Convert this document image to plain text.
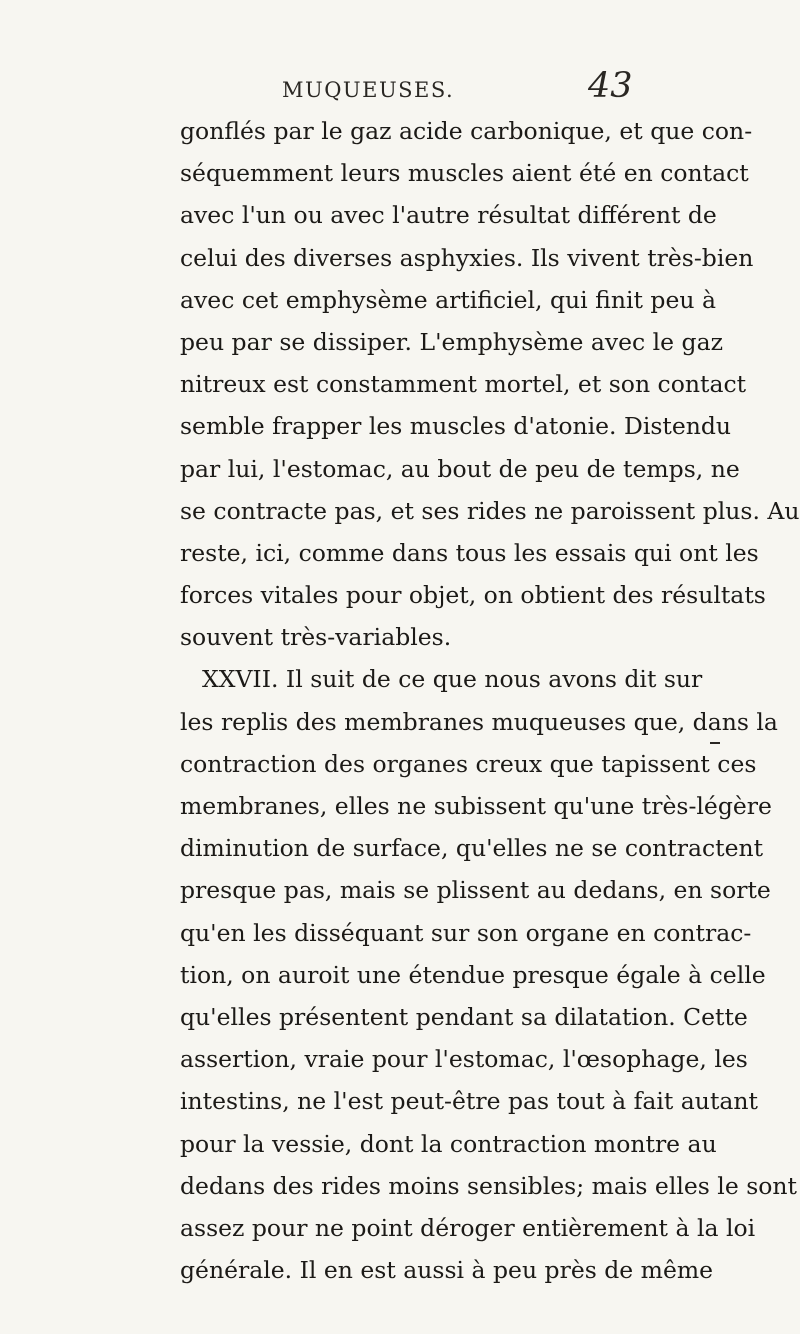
MUQUEUSES.	43
gonflés par le gaz acide carbonique, et que con-
séquemment leurs muscles aient été en contact
avec l'un ou avec l'autre résultat différent de
celui des diverses asphyxies. Ils vivent très-bien
avec cet emphysème artificiel, qui finit peu à
peu par se dissiper. L'emphysème avec le gaz
nitreux est constamment mortel, et son contact
semble frapper les muscles d'atonie. Distendu
par lui, l'estomac, au bout de peu de temps, ne
se contracte pas, et ses rides ne paroissent plus. Au
reste, ici, comme dans tous les essais qui ont les
forces vitales pour objet, on obtient des résultats
souvent très-variables.
XXVII. Il suit de ce que nous avons dit sur
les replis des membranes muqueuses que, dans la
contraction des organes creux que tapissent ces
membranes, elles ne subissent qu'une très-légère
diminution de surface, qu'elles ne se contractent
presque pas, mais se plissent au dedans, en sorte
qu'en les disséquant sur son organe en contrac-
tion, on auroit une étendue presque égale à celle
qu'elles présentent pendant sa dilatation. Cette
assertion, vraie pour l'estomac, l'œsophage, les
intestins, ne l'est peut-être pas tout à fait autant
pour la vessie, dont la contraction montre au
dedans des rides moins sensibles; mais elles le sont
assez pour ne point déroger entièrement à la loi
générale. Il en est aussi à peu près de même
